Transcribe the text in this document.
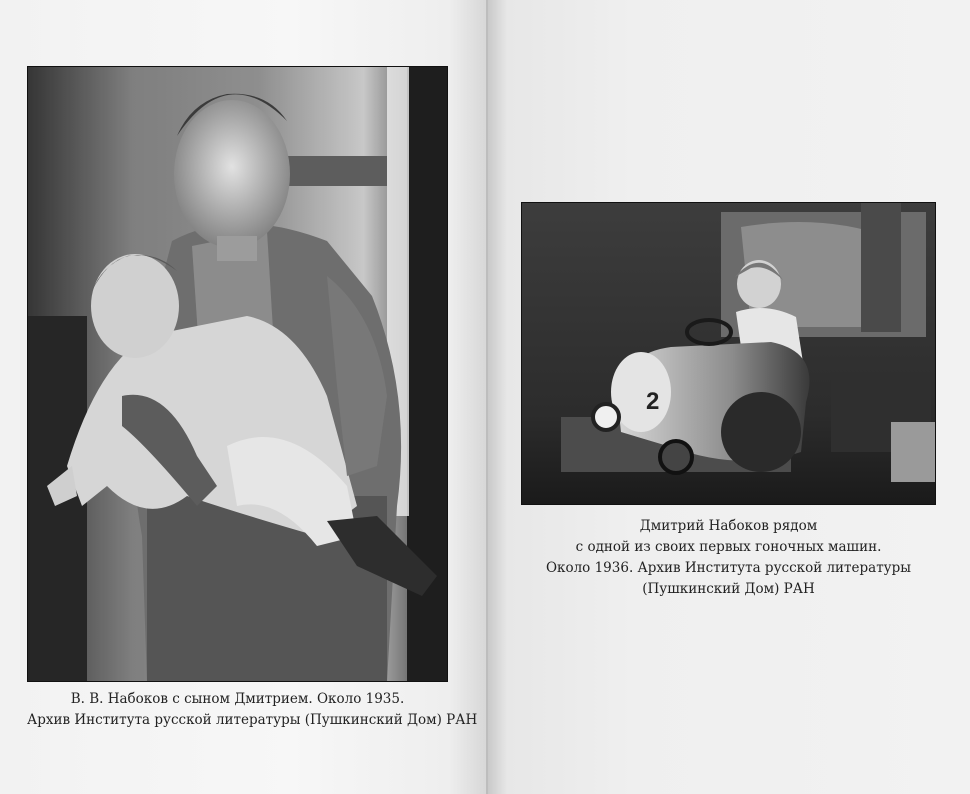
В. В. Набоков с сыном Дмитрием. Около 1935.
Архив Института русской литературы (Пушкинский Дом) РАН
2
Дмитрий Набоков рядом
с одной из своих первых гоночных машин.
Около 1936. Архив Института русской литературы
(Пушкинский Дом) РАН
